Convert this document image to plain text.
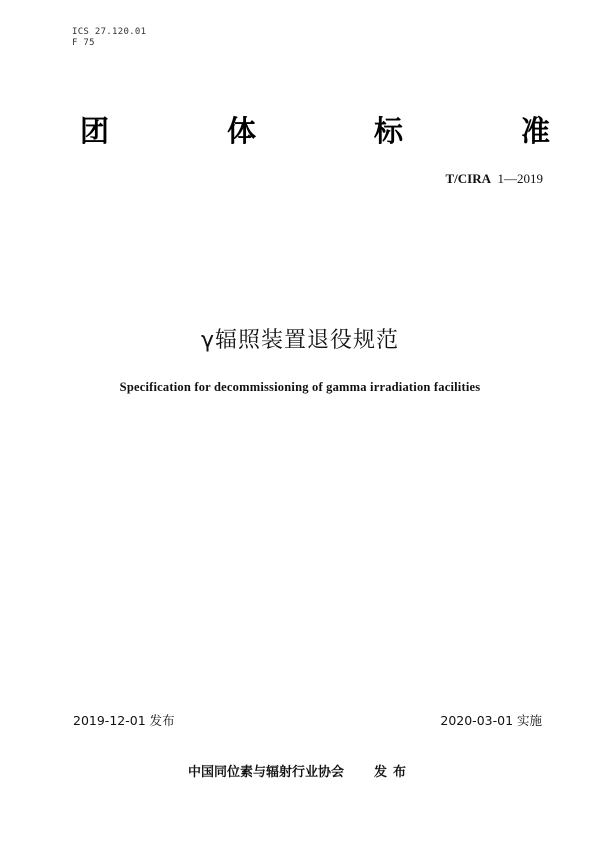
ICS 27.120.01
F 75
团	体	标	准
T/CIRA 1—2019
γ辐照装置退役规范
Specification for decommissioning of gamma irradiation facilities
2019-12-01 发布	2020-03-01 实施
中国同位素与辐射行业协会 发布
